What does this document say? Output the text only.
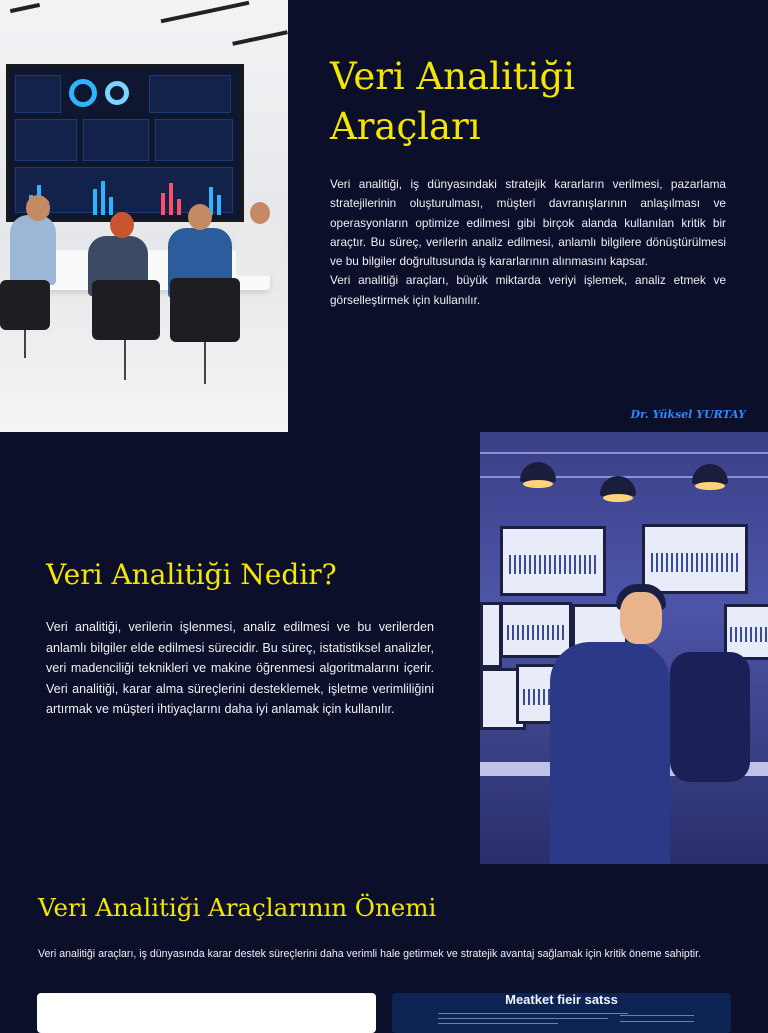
Veri Analitiği
Araçları

Veri analitiği, iş dünyasındaki stratejik kararların verilmesi, pazarlama stratejilerinin oluşturulması, müşteri davranışlarının anlaşılması ve operasyonların optimize edilmesi gibi birçok alanda kullanılan kritik bir araçtır. Bu süreç, verilerin analiz edilmesi, anlamlı bilgilere dönüştürülmesi ve bu bilgiler doğrultusunda iş kararlarının alınmasını kapsar.

Veri analitiği araçları, büyük miktarda veriyi işlemek, analiz etmek ve görselleştirmek için kullanılır.

Dr. Yüksel YURTAY
Veri Analitiği Nedir?

Veri analitiği, verilerin işlenmesi, analiz edilmesi ve bu verilerden anlamlı bilgiler elde edilmesi sürecidir. Bu süreç, istatistiksel analizler, veri madenciliği teknikleri ve makine öğrenmesi algoritmalarını içerir. Veri analitiği, karar alma süreçlerini desteklemek, işletme verimliliğini artırmak ve müşteri ihtiyaçlarını daha iyi anlamak için kullanılır.

Veri Analitiği Araçlarının Önemi

Veri analitiği araçları, iş dünyasında karar destek süreçlerini daha verimli hale getirmek ve stratejik avantaj sağlamak için kritik öneme sahiptir.

Meatket fieir satss
